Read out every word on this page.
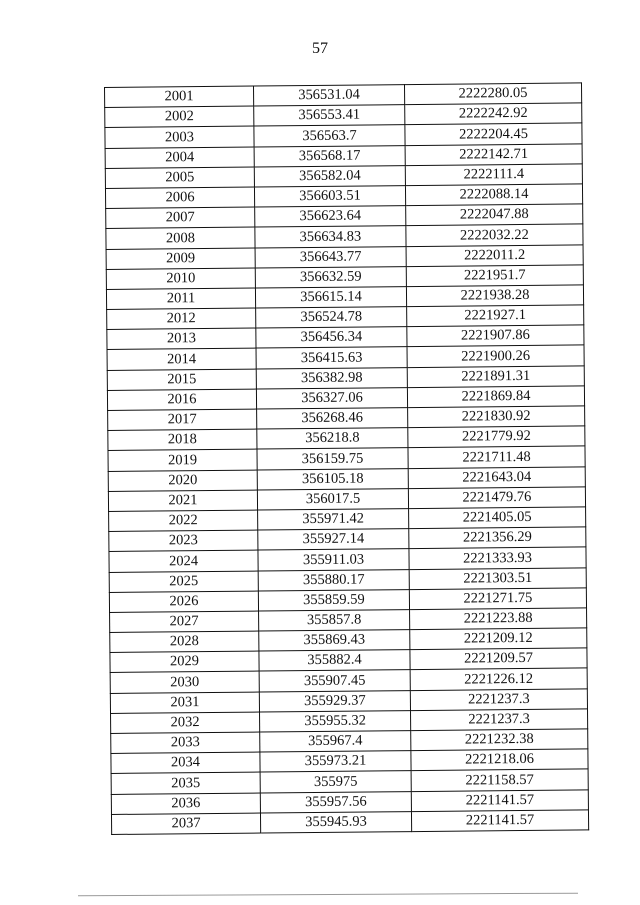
57
2001	356531.04	2222280.05
2002	356553.41	2222242.92
2003	356563.7	2222204.45
2004	356568.17	2222142.71
2005	356582.04	2222111.4
2006	356603.51	2222088.14
2007	356623.64	2222047.88
2008	356634.83	2222032.22
2009	356643.77	2222011.2
2010	356632.59	2221951.7
2011	356615.14	2221938.28
2012	356524.78	2221927.1
2013	356456.34	2221907.86
2014	356415.63	2221900.26
2015	356382.98	2221891.31
2016	356327.06	2221869.84
2017	356268.46	2221830.92
2018	356218.8	2221779.92
2019	356159.75	2221711.48
2020	356105.18	2221643.04
2021	356017.5	2221479.76
2022	355971.42	2221405.05
2023	355927.14	2221356.29
2024	355911.03	2221333.93
2025	355880.17	2221303.51
2026	355859.59	2221271.75
2027	355857.8	2221223.88
2028	355869.43	2221209.12
2029	355882.4	2221209.57
2030	355907.45	2221226.12
2031	355929.37	2221237.3
2032	355955.32	2221237.3
2033	355967.4	2221232.38
2034	355973.21	2221218.06
2035	355975	2221158.57
2036	355957.56	2221141.57
2037	355945.93	2221141.57
